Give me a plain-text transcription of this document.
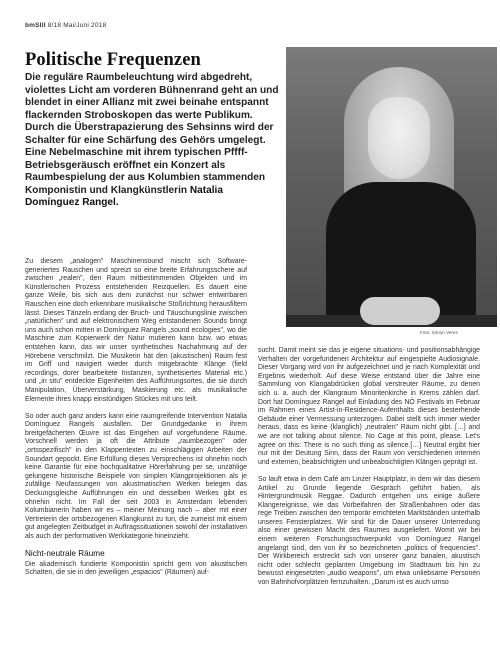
bmSIII 8/18 Mai/Juni 2018
Politische Frequenzen

Die reguläre Raumbeleuchtung wird abgedreht, violettes Licht am vorderen Bühnenrand geht an und blendet in einer Allianz mit zwei beinahe entspannt flackernden Stroboskopen das werte Publikum. Durch die Überstrapazierung des Sehsinns wird der Schalter für eine Schärfung des Gehörs umgelegt. Eine Nebelmaschine mit ihrem typischen Pffff-Betriebsgeräusch eröffnet ein Konzert als Raumbespielung der aus Kolumbien stammenden Komponistin und Klangkünstlerin Natalia Domínguez Rangel.

Foto: Simon Veres

Zu diesem „analogen" Maschinensound mischt sich Software-generiertes Rauschen und spreizt so eine breite Erfahrungsschere auf zwischen „realen", den Raum mitbestimmenden Objekten und im Künstlerischen Prozess entstehenden Reizquellen. Es dauert eine ganze Weile, bis sich aus dem zunächst nur schwer entwirrbaren Rauschen eine doch erkennbare musikalische Stoßrichtung herausfiltern lässt. Dieses Tänzeln entlang der Bruch- und Täuschungslinie zwischen „natürlichen" und auf elektronischem Weg entstandenen Sounds bringt uns auch schon mitten in Domínguez Rangels „sound ecologies", wo die Maschine zum Kopierwerk der Natur mutieren kann bzw. wo etwas entstehen kann, das wir unser synthetisches Nachahmung auf der Hörebene verschmilzt. Die Musikerin hat den (akustischen) Raum fest im Griff und navigiert wieder durch mitgebrachte Klänge (field recordings, dorer bearbeitete Instanzen, synthetisiertes Material etc.) und „in situ" entdeckte Eigenheiten des Aufführungsortes, die sie durch Manipulation, Überverstärkung, Maskierung etc. als musikalische Elemente ihres knapp einstündigen Stückes mit uns teilt.

So oder auch ganz anders kann eine raumgreifende Intervention Natalia Domínguez Rangels ausfallen. Der Grundgedanke in ihrem breitgefächerten Œuvre ist das Eingehen auf vorgefundene Räume. Vorschnell werden ja oft die Attribute „raumbezogen" oder „ortsspezifisch" in den Klappentexten zu einschlägigen Arbeiten der Soundart gepockt. Eine Erfüllung dieses Versprechens ist ohnehin noch keine Garantie für eine hochqualitative Hörerfahrung per se, unzählige gelungene historische Beispiele von simplen Klangprojektionen als je zufällige Neufassungen von akustmatischen Werken belegen das Deckungsgleiche Aufführungen ein und desselben Werkes gibt es ohnehin nicht. Im Fall der seit 2003 in Amsterdam lebenden Kolumbianerin haben wir es – meiner Meinung nach – aber mit einer Vertreterin der ortsbezogenen Klangkunst zu tun, die zumeist mit einem gut angelegten Zeitbudget in Auftragssituationen sowohl der installativen als auch der performativen Werkkategorie hineinzieht.

Nicht-neutrale Räume

Die akademisch fundierte Komponistin spricht gern von akustischen Schatten, die sie in den jeweiligen „espacios" (Räumen) auf-

sucht. Damit meint sie das je eigene situations- und positionsabhängige Verhalten der vorgefundenen Architektur auf eingespielte Audiosignale. Dieser Vorgang wird von ihr aufgezeichnet und je nach Komplexität und Ergebnis wiederholt. Auf diese Weise entstand über die Jahre eine Sammlung von Klangabdrücken global verstreuter Räume, zu denen sich u. a. auch der Klangraum Minoritenkirche in Krems zählen darf. Dort hat Domínguez Rangel auf Einladung des NÖ Festivals im Februar im Rahmen eines Artist-in-Residence-Aufenthalts dieses besterhende Gebäude einer Vermessung unterzogen. Dabei stellt sich immer wieder heraus, dass es keine (klanglich) „neutralen" Räum nicht gibt. […] and we are not talking about silence. No Cage at this point, please. Let's agree on this: There is no such thing as silence.[…] Neutral ergibt hier nur mit der Deutung Sinn, dass der Raum von verschiedenen internen und externen, beabsichtigten und unbeabsichtigten Klängen geprägt ist.

So lauft etwa in dem Café am Linzer Hauptplatz, in dem wir das diesem Artikel zu Grunde liegende Gespräch geführt haben, als Hintergrundmusik Reggae. Dadurch entgehen uns einige äußere Klangereignisse, wie das Vorbeifahren der Straßenbahnen oder das rege Treiben zwischen den temporär errichteten Marktständen unterhalb unseres Fensterplatzes. Wir sind für die Dauer unserer Unterredung also einer gewissen Macht des Raumes ausgeliefert. Womit wir bei einem weiteren Forschungsschwerpunkt von Domínguez Rangel angelangt sind, den von ihr so bezeichneten „politics of frequencies". Der Wirkbereich erstreckt sich von unserer ganz banalen, akustisch nicht oder schlecht geplanten Umgebung im Stadtraum bis hin zu bewusst eingesetzten „audio weapons", um etwa unliebsame Personen von Bahnhofvorplätzen fernzuhalten. „Darum ist es auch umso
